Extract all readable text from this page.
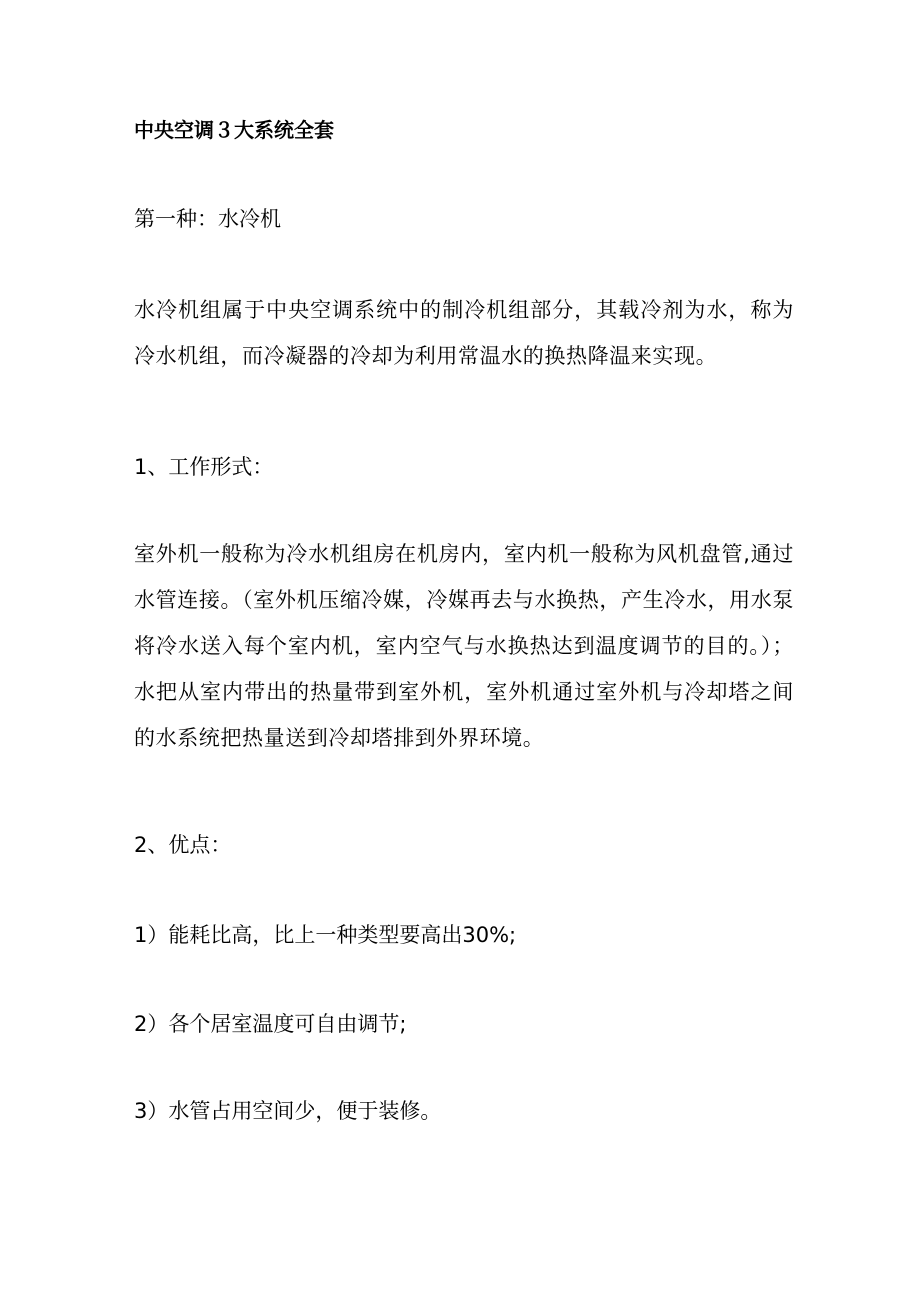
中央空调３大系统全套

第一种：水冷机

水冷机组属于中央空调系统中的制冷机组部分，其载冷剂为水，称为冷水机组，而冷凝器的冷却为利用常温水的换热降温来实现。

1、工作形式：

室外机一般称为冷水机组房在机房内，室内机一般称为风机盘管,通过水管连接。（室外机压缩冷媒，冷媒再去与水换热，产生冷水，用水泵将冷水送入每个室内机，室内空气与水换热达到温度调节的目的。）；水把从室内带出的热量带到室外机，室外机通过室外机与冷却塔之间的水系统把热量送到冷却塔排到外界环境。

2、优点：

1）能耗比高，比上一种类型要高出30%;

2）各个居室温度可自由调节;

3）水管占用空间少，便于装修。
